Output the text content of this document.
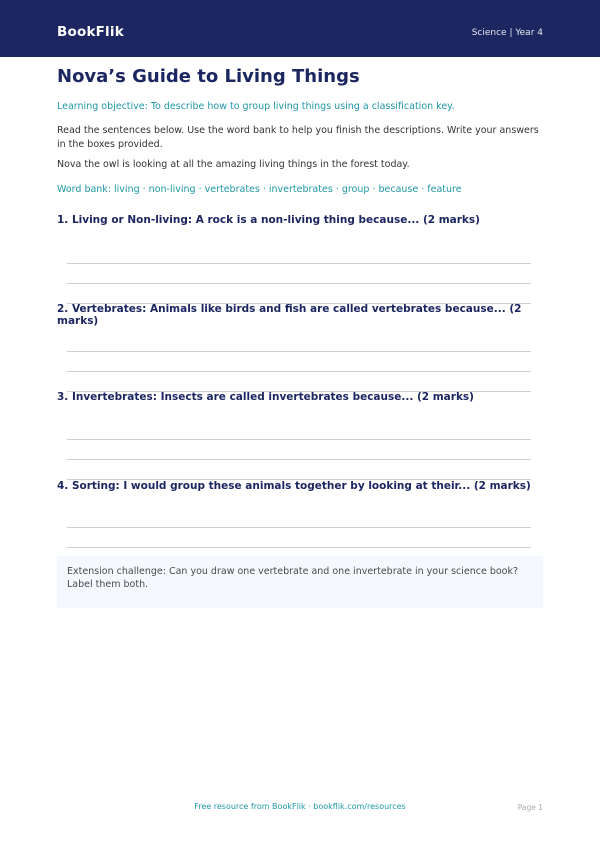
BookFlik	Science | Year 4
Nova’s Guide to Living Things
Learning objective: To describe how to group living things using a classification key.
Read the sentences below. Use the word bank to help you finish the descriptions. Write your answers in the boxes provided.
Nova the owl is looking at all the amazing living things in the forest today.
Word bank: living · non-living · vertebrates · invertebrates · group · because · feature
1. Living or Non-living: A rock is a non-living thing because... (2 marks)
2. Vertebrates: Animals like birds and fish are called vertebrates because... (2 marks)
3. Invertebrates: Insects are called invertebrates because... (2 marks)
4. Sorting: I would group these animals together by looking at their... (2 marks)
Extension challenge: Can you draw one vertebrate and one invertebrate in your science book? Label them both.
Free resource from BookFlik · bookflik.com/resources	Page 1
